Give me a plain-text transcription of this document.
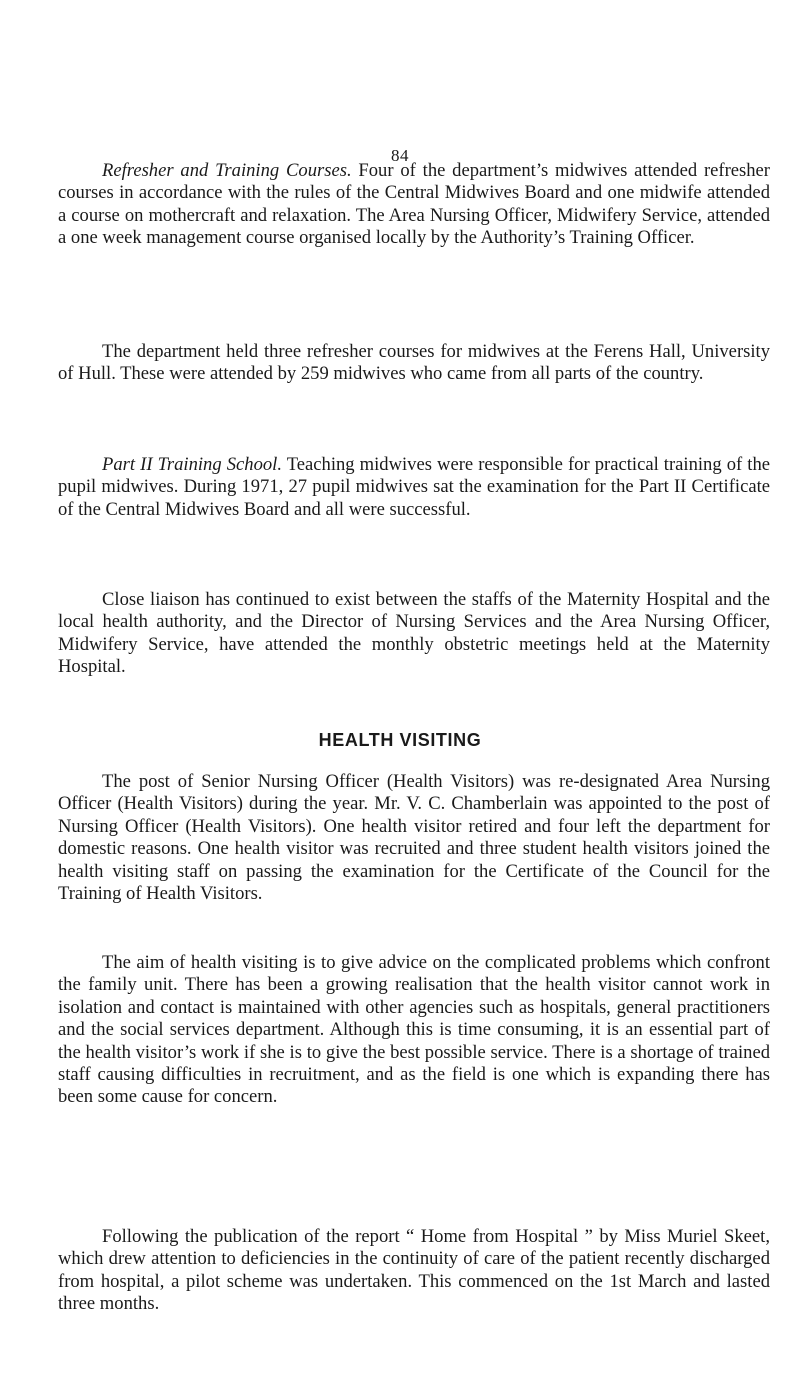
84

Refresher and Training Courses. Four of the department’s midwives attended refresher courses in accordance with the rules of the Central Midwives Board and one midwife attended a course on mothercraft and relaxation. The Area Nursing Officer, Midwifery Service, attended a one week management course organised locally by the Authority’s Training Officer.

The department held three refresher courses for midwives at the Ferens Hall, University of Hull. These were attended by 259 midwives who came from all parts of the country.

Part II Training School. Teaching midwives were responsible for practical training of the pupil midwives. During 1971, 27 pupil midwives sat the examination for the Part II Certificate of the Central Midwives Board and all were successful.

Close liaison has continued to exist between the staffs of the Maternity Hospital and the local health authority, and the Director of Nursing Services and the Area Nursing Officer, Midwifery Service, have attended the monthly obstetric meetings held at the Maternity Hospital.

HEALTH VISITING

The post of Senior Nursing Officer (Health Visitors) was re-designated Area Nursing Officer (Health Visitors) during the year. Mr. V. C. Chamberlain was appointed to the post of Nursing Officer (Health Visitors). One health visitor retired and four left the department for domestic reasons. One health visitor was recruited and three student health visitors joined the health visiting staff on passing the examination for the Certificate of the Council for the Training of Health Visitors.

The aim of health visiting is to give advice on the complicated problems which confront the family unit. There has been a growing realisation that the health visitor cannot work in isolation and contact is maintained with other agencies such as hospitals, general practitioners and the social services department. Although this is time consuming, it is an essential part of the health visitor’s work if she is to give the best possible service. There is a shortage of trained staff causing difficulties in recruitment, and as the field is one which is expanding there has been some cause for concern.

Following the publication of the report “ Home from Hospital ” by Miss Muriel Skeet, which drew attention to deficiencies in the continuity of care of the patient recently discharged from hospital, a pilot scheme was undertaken. This commenced on the 1st March and lasted three months.
